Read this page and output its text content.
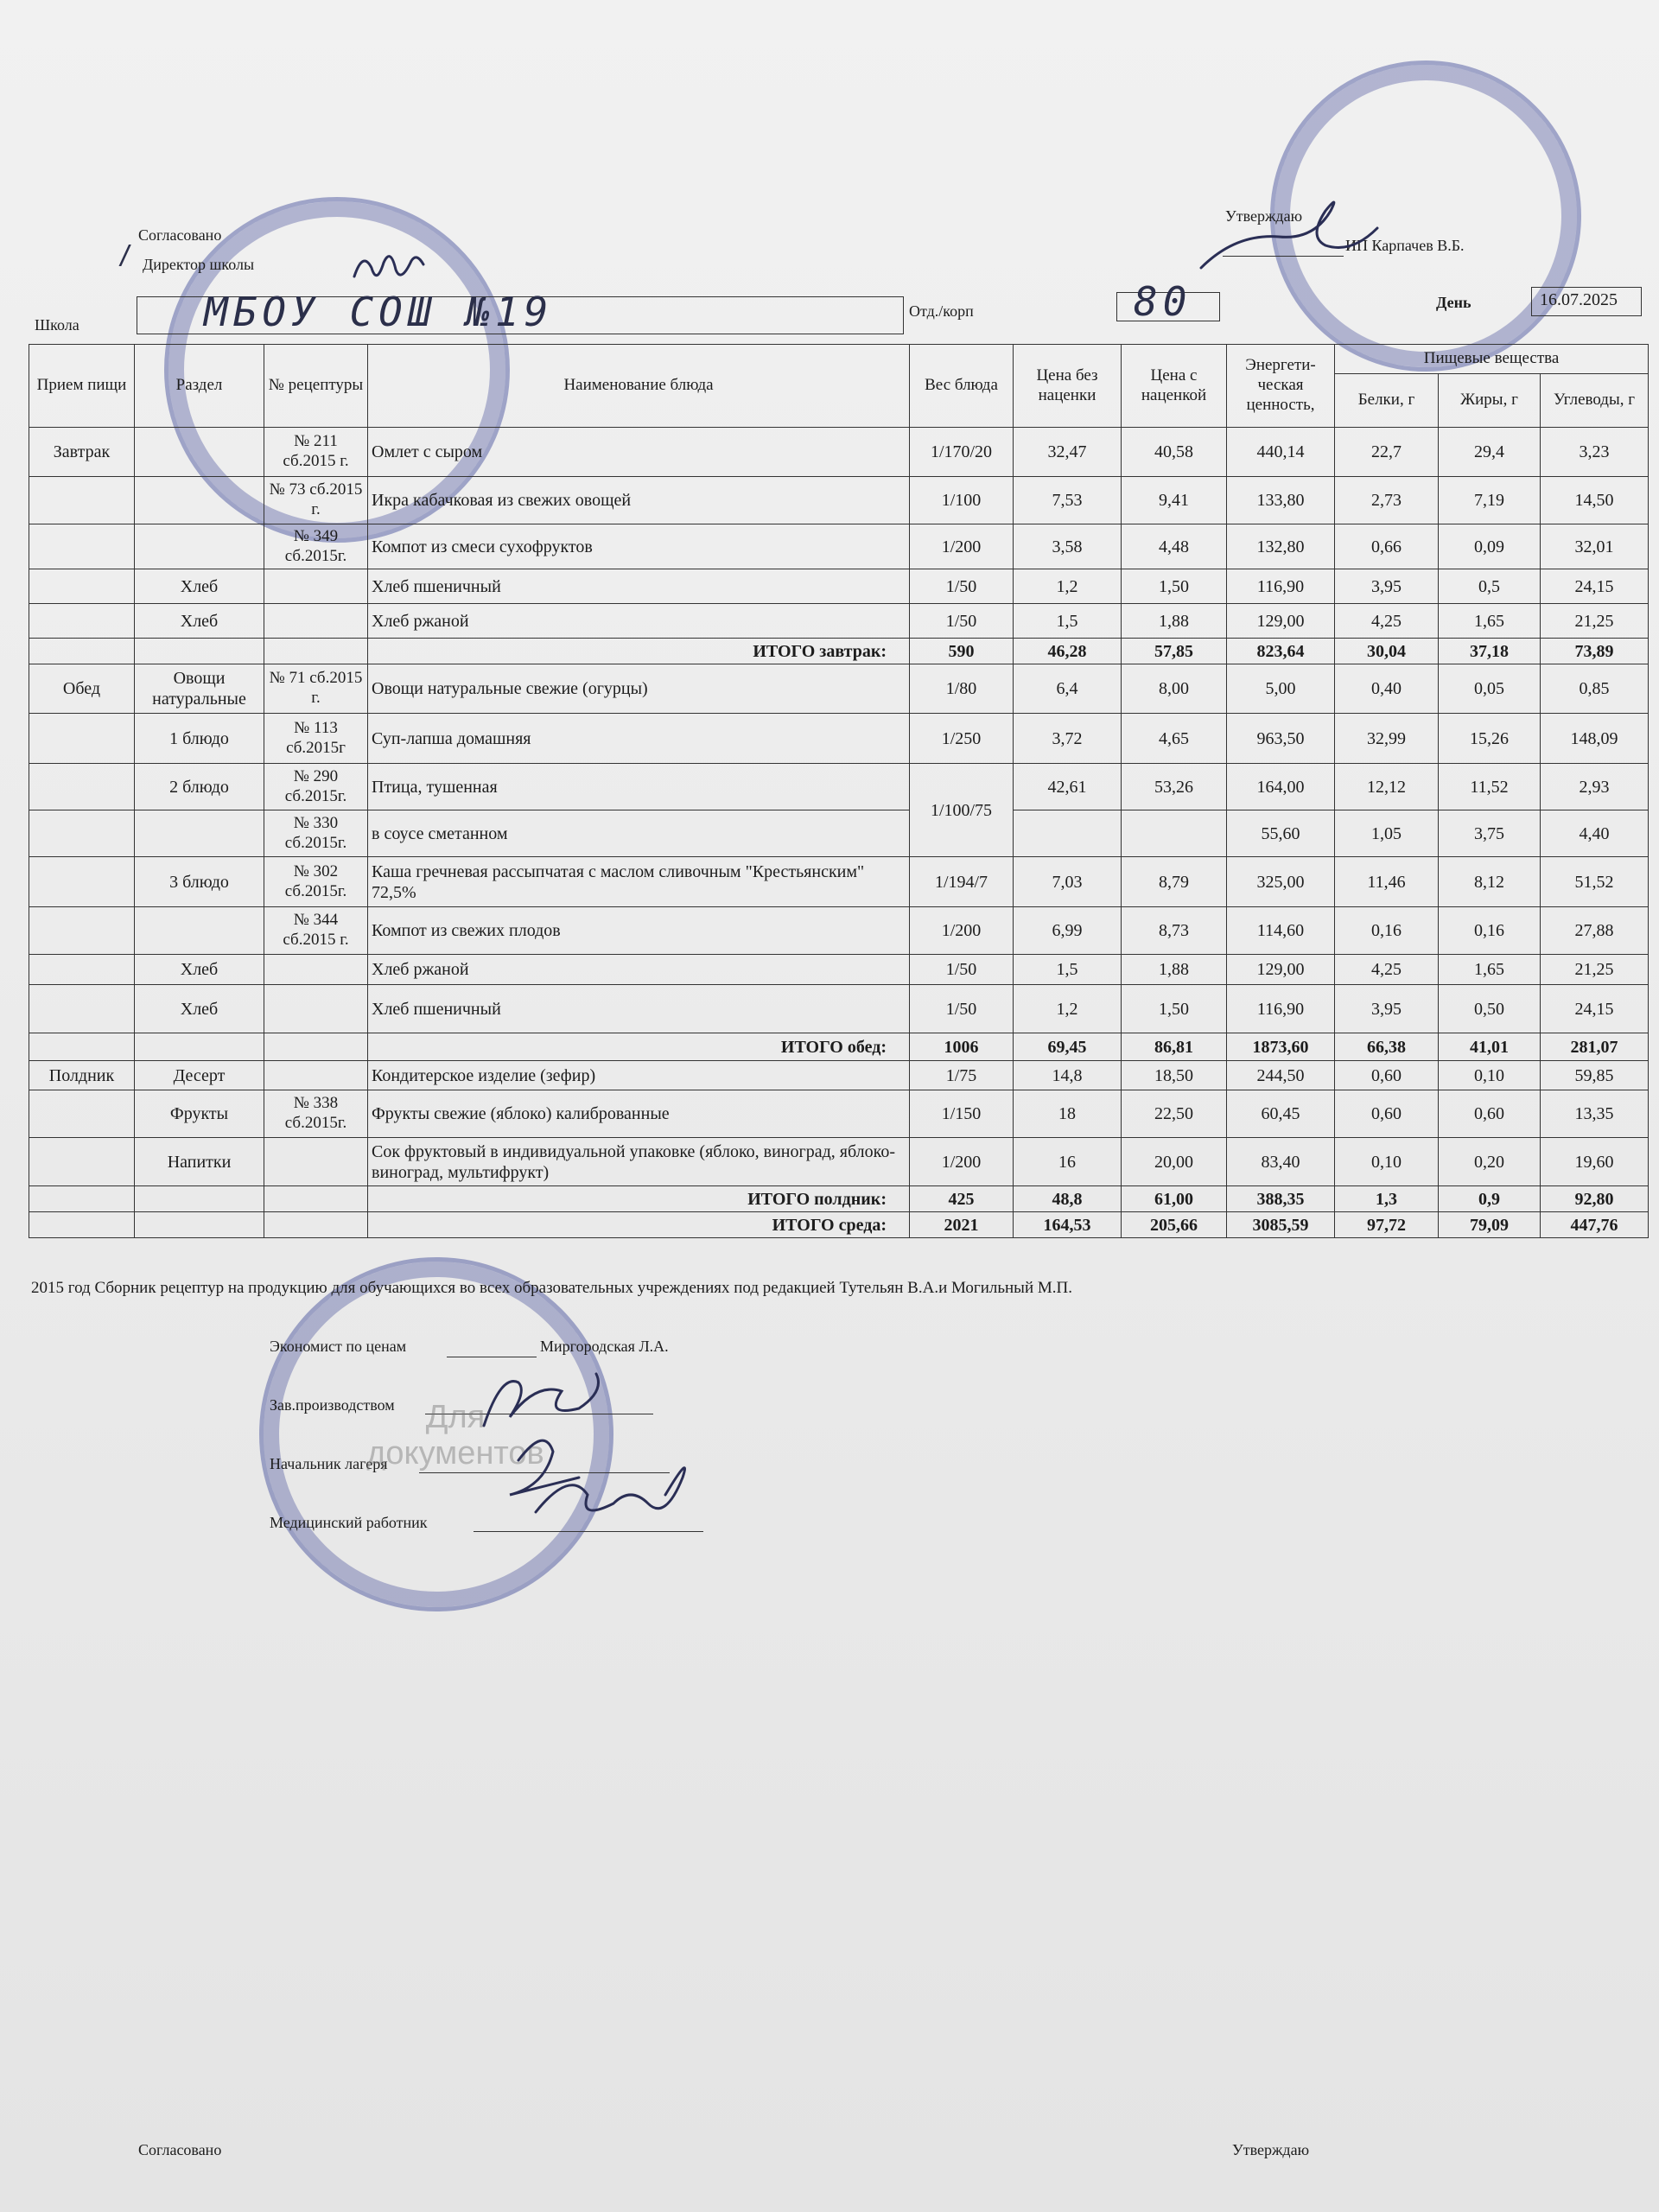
Согласовано
Директор школы
/
Утверждаю
ИП Карпачев В.Б.
Школа	МБОУ СОШ №19	Отд./корп	80	День	16.07.2025
Прием пищи	Раздел	№ рецептуры	Наименование блюда	Вес блюда	Цена без наценки	Цена с наценкой	Энергети-ческая ценность,	Пищевые вещества		
								Белки, г	Жиры, г	Углеводы, г
Завтрак		№ 211 сб.2015 г.	Омлет с сыром	1/170/20	32,47	40,58	440,14	22,7	29,4	3,23
		№ 73 сб.2015 г.	Икра кабачковая из свежих овощей	1/100	7,53	9,41	133,80	2,73	7,19	14,50
		№ 349 сб.2015г.	Компот из смеси сухофруктов	1/200	3,58	4,48	132,80	0,66	0,09	32,01
	Хлеб		Хлеб пшеничный	1/50	1,2	1,50	116,90	3,95	0,5	24,15
	Хлеб		Хлеб ржаной	1/50	1,5	1,88	129,00	4,25	1,65	21,25
			ИТОГО завтрак:	590	46,28	57,85	823,64	30,04	37,18	73,89
Обед	Овощи натуральные	№ 71 сб.2015 г.	Овощи натуральные свежие (огурцы)	1/80	6,4	8,00	5,00	0,40	0,05	0,85
	1 блюдо	№ 113 сб.2015г	Суп-лапша домашняя	1/250	3,72	4,65	963,50	32,99	15,26	148,09
	2 блюдо	№ 290 сб.2015г.	Птица, тушенная	1/100/75	42,61	53,26	164,00	12,12	11,52	2,93
		№ 330 сб.2015г.	в соусе сметанном				55,60	1,05	3,75	4,40
	3 блюдо	№ 302 сб.2015г.	Каша гречневая рассыпчатая с маслом сливочным "Крестьянским" 72,5%	1/194/7	7,03	8,79	325,00	11,46	8,12	51,52
		№ 344 сб.2015 г.	Компот из свежих плодов	1/200	6,99	8,73	114,60	0,16	0,16	27,88
	Хлеб		Хлеб ржаной	1/50	1,5	1,88	129,00	4,25	1,65	21,25
	Хлеб		Хлеб пшеничный	1/50	1,2	1,50	116,90	3,95	0,50	24,15
			ИТОГО обед:	1006	69,45	86,81	1873,60	66,38	41,01	281,07
Полдник	Десерт		Кондитерское изделие (зефир)	1/75	14,8	18,50	244,50	0,60	0,10	59,85
	Фрукты	№ 338 сб.2015г.	Фрукты свежие (яблоко) калиброванные	1/150	18	22,50	60,45	0,60	0,60	13,35
	Напитки		Сок фруктовый в индивидуальной упаковке (яблоко, виноград, яблоко-виноград, мультифрукт)	1/200	16	20,00	83,40	0,10	0,20	19,60
			ИТОГО полдник:	425	48,8	61,00	388,35	1,3	0,9	92,80
			ИТОГО среда:	2021	164,53	205,66	3085,59	97,72	79,09	447,76
2015 год Сборник рецептур на продукцию для обучающихся во всех образовательных учреждениях под редакцией Тутельян В.А.и Могильный М.П.
Экономист по ценам	Миргородская Л.А.
Зав.производством
Начальник лагеря
Медицинский работник
Для документов
Согласовано	Утверждаю
